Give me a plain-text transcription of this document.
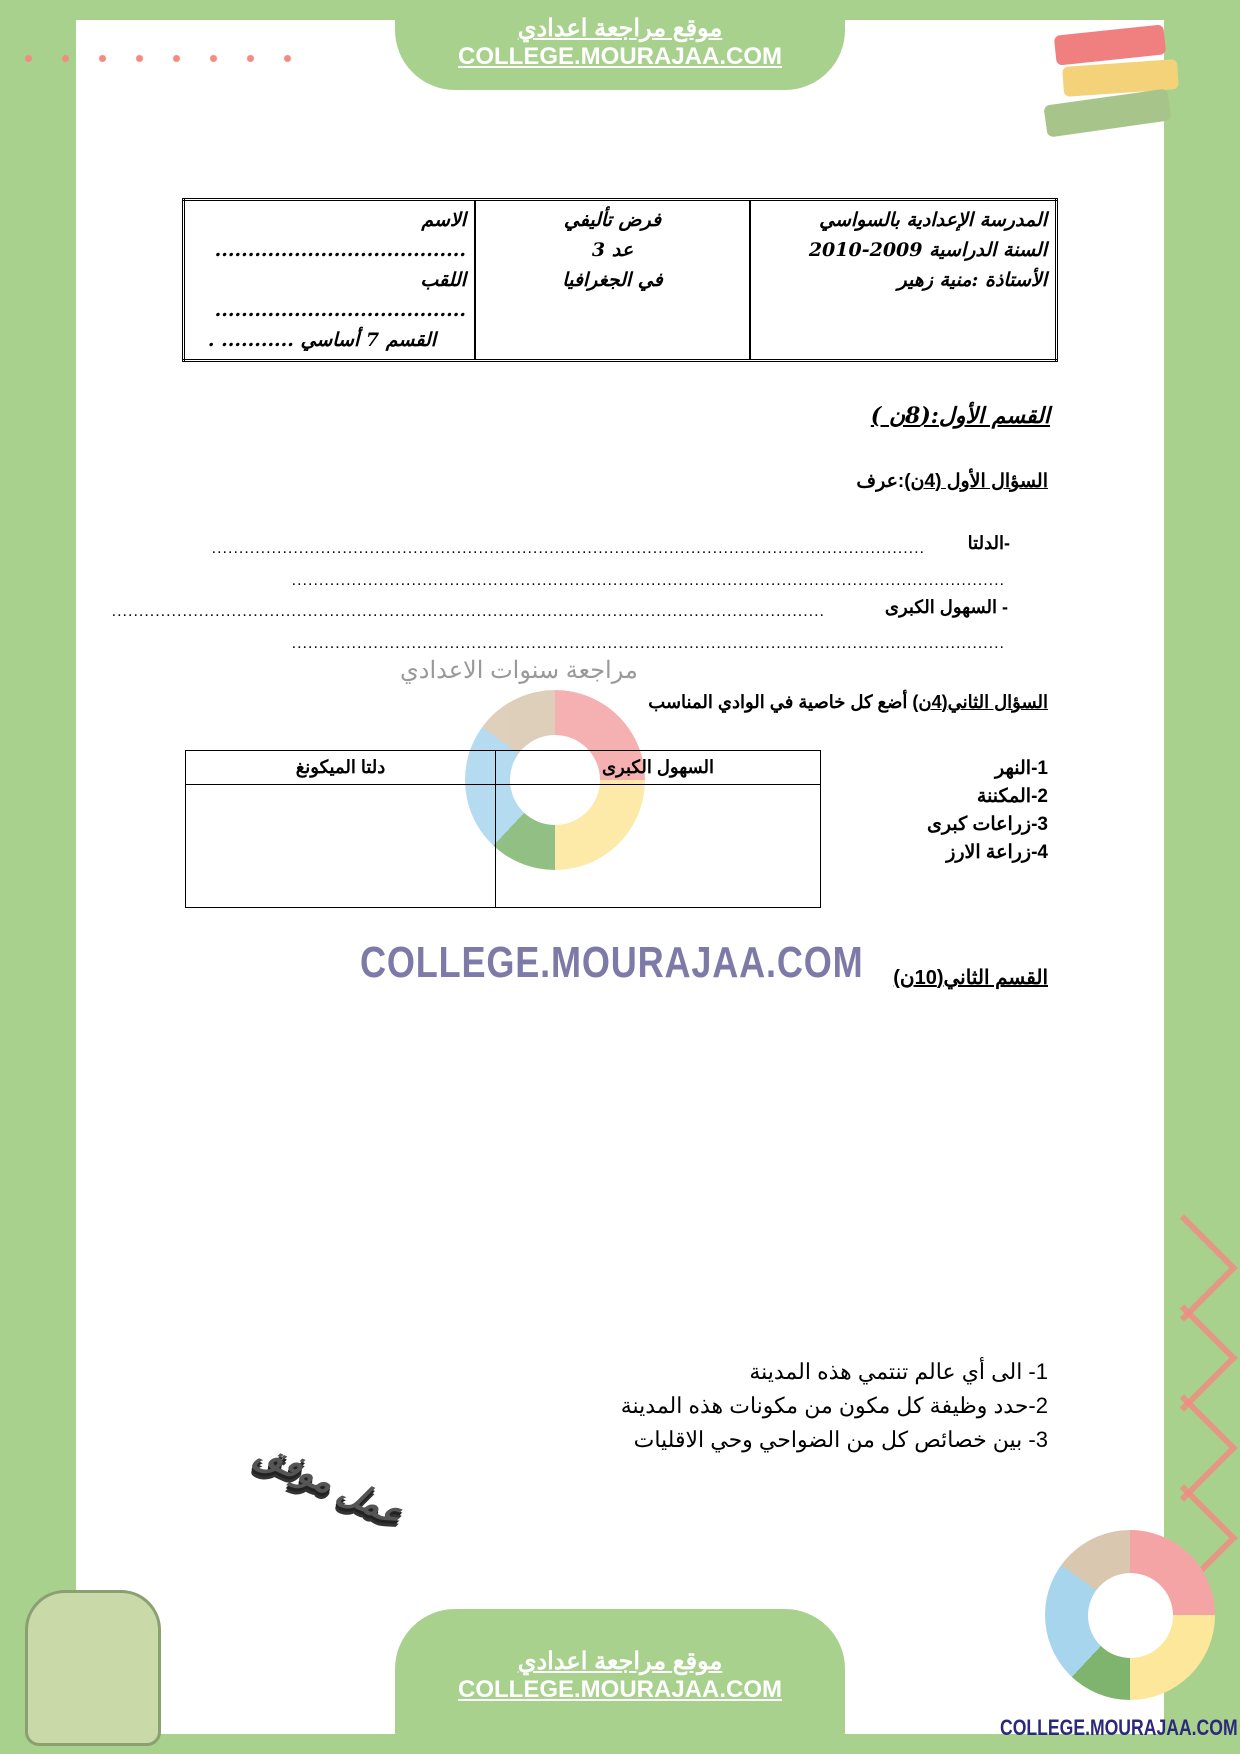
موقع مراجعة اعدادي
COLLEGE.MOURAJAA.COM
المدرسة الإعدادية بالسواسي
السنة الدراسية 2009-2010
الأستاذة :منية زهير

فرض تأليفي
عد 3
في الجغرافيا

الاسم ......................................
اللقب ......................................
القسم 7 أساسي ........... .
القسم الأول:(8ن )
السؤال الأول (4ن):عرف
-الدلتا
...................................................................................................................................
...................................................................................................................................
- السهول الكبرى
...................................................................................................................................
...................................................................................................................................
مراجعة سنوات الاعدادي
السؤال الثاني(4ن) أضع كل خاصية في الوادي المناسب
1-النهر
2-المكننة
3-زراعات كبرى
4-زراعة الارز
السهول الكبرى	دلتا الميكونغ

COLLEGE.MOURAJAA.COM القسم الثاني(10ن)
1- الى أي عالم تنتمي هذه المدينة
2-حدد وظيفة كل مكون من مكونات هذه المدينة
3- بين خصائص كل من الضواحي وحي الاقليات
عمل موفق
موقع مراجعة اعدادي
COLLEGE.MOURAJAA.COM
COLLEGE.MOURAJAA.COM
